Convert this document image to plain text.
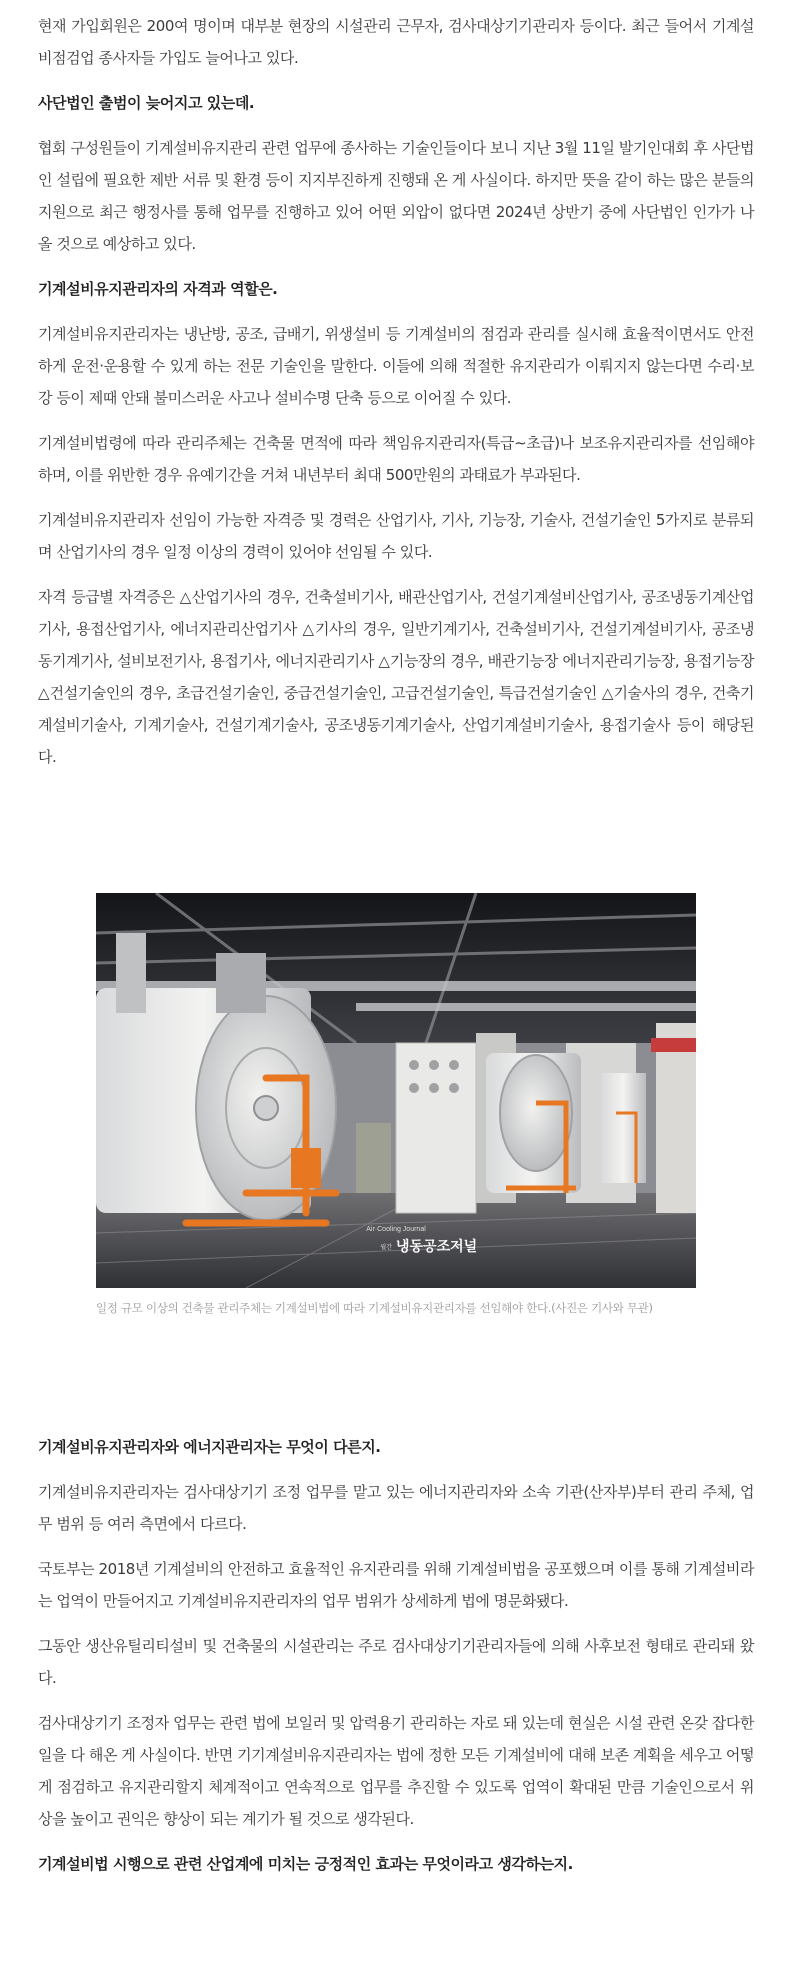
현재 가입회원은 200여 명이며 대부분 현장의 시설관리 근무자, 검사대상기기관리자 등이다. 최근 들어서 기계설비점검업 종사자들 가입도 늘어나고 있다.

사단법인 출범이 늦어지고 있는데.

협회 구성원들이 기계설비유지관리 관련 업무에 종사하는 기술인들이다 보니 지난 3월 11일 발기인대회 후 사단법인 설립에 필요한 제반 서류 및 환경 등이 지지부진하게 진행돼 온 게 사실이다. 하지만 뜻을 같이 하는 많은 분들의 지원으로 최근 행정사를 통해 업무를 진행하고 있어 어떤 외압이 없다면 2024년 상반기 중에 사단법인 인가가 나올 것으로 예상하고 있다.

기계설비유지관리자의 자격과 역할은.

기계설비유지관리자는 냉난방, 공조, 급배기, 위생설비 등 기계설비의 점검과 관리를 실시해 효율적이면서도 안전하게 운전·운용할 수 있게 하는 전문 기술인을 말한다. 이들에 의해 적절한 유지관리가 이뤄지지 않는다면 수리·보강 등이 제때 안돼 불미스러운 사고나 설비수명 단축 등으로 이어질 수 있다.

기계설비법령에 따라 관리주체는 건축물 면적에 따라 책임유지관리자(특급∼초급)나 보조유지관리자를 선임해야 하며, 이를 위반한 경우 유예기간을 거쳐 내년부터 최대 500만원의 과태료가 부과된다.

기계설비유지관리자 선임이 가능한 자격증 및 경력은 산업기사, 기사, 기능장, 기술사, 건설기술인 5가지로 분류되며 산업기사의 경우 일정 이상의 경력이 있어야 선임될 수 있다.

자격 등급별 자격증은 △산업기사의 경우, 건축설비기사, 배관산업기사, 건설기계설비산업기사, 공조냉동기계산업기사, 용접산업기사, 에너지관리산업기사 △기사의 경우, 일반기계기사, 건축설비기사, 건설기계설비기사, 공조냉동기계기사, 설비보전기사, 용접기사, 에너지관리기사 △기능장의 경우, 배관기능장 에너지관리기능장, 용접기능장 △건설기술인의 경우, 초급건설기술인, 중급건설기술인, 고급건설기술인, 특급건설기술인 △기술사의 경우, 건축기계설비기술사, 기계기술사, 건설기계기술사, 공조냉동기계기술사, 산업기계설비기술사, 용접기술사 등이 해당된다.

Air·Cooling Journal
월간 냉동공조저널

일정 규모 이상의 건축물 관리주체는 기계설비법에 따라 기계설비유지관리자를 선임해야 한다.(사진은 기사와 무관)

기계설비유지관리자와 에너지관리자는 무엇이 다른지.

기계설비유지관리자는 검사대상기기 조정 업무를 맡고 있는 에너지관리자와 소속 기관(산자부)부터 관리 주체, 업무 범위 등 여러 측면에서 다르다.

국토부는 2018년 기계설비의 안전하고 효율적인 유지관리를 위해 기계설비법을 공포했으며 이를 통해 기계설비라는 업역이 만들어지고 기계설비유지관리자의 업무 범위가 상세하게 법에 명문화됐다.

그동안 생산유틸리티설비 및 건축물의 시설관리는 주로 검사대상기기관리자들에 의해 사후보전 형태로 관리돼 왔다.

검사대상기기 조정자 업무는 관련 법에 보일러 및 압력용기 관리하는 자로 돼 있는데 현실은 시설 관련 온갖 잡다한 일을 다 해온 게 사실이다. 반면 기기계설비유지관리자는 법에 정한 모든 기계설비에 대해 보존 계획을 세우고 어떻게 점검하고 유지관리할지 체계적이고 연속적으로 업무를 추진할 수 있도록 업역이 확대된 만큼 기술인으로서 위상을 높이고 권익은 향상이 되는 계기가 될 것으로 생각된다.

기계설비법 시행으로 관련 산업계에 미치는 긍정적인 효과는 무엇이라고 생각하는지.
